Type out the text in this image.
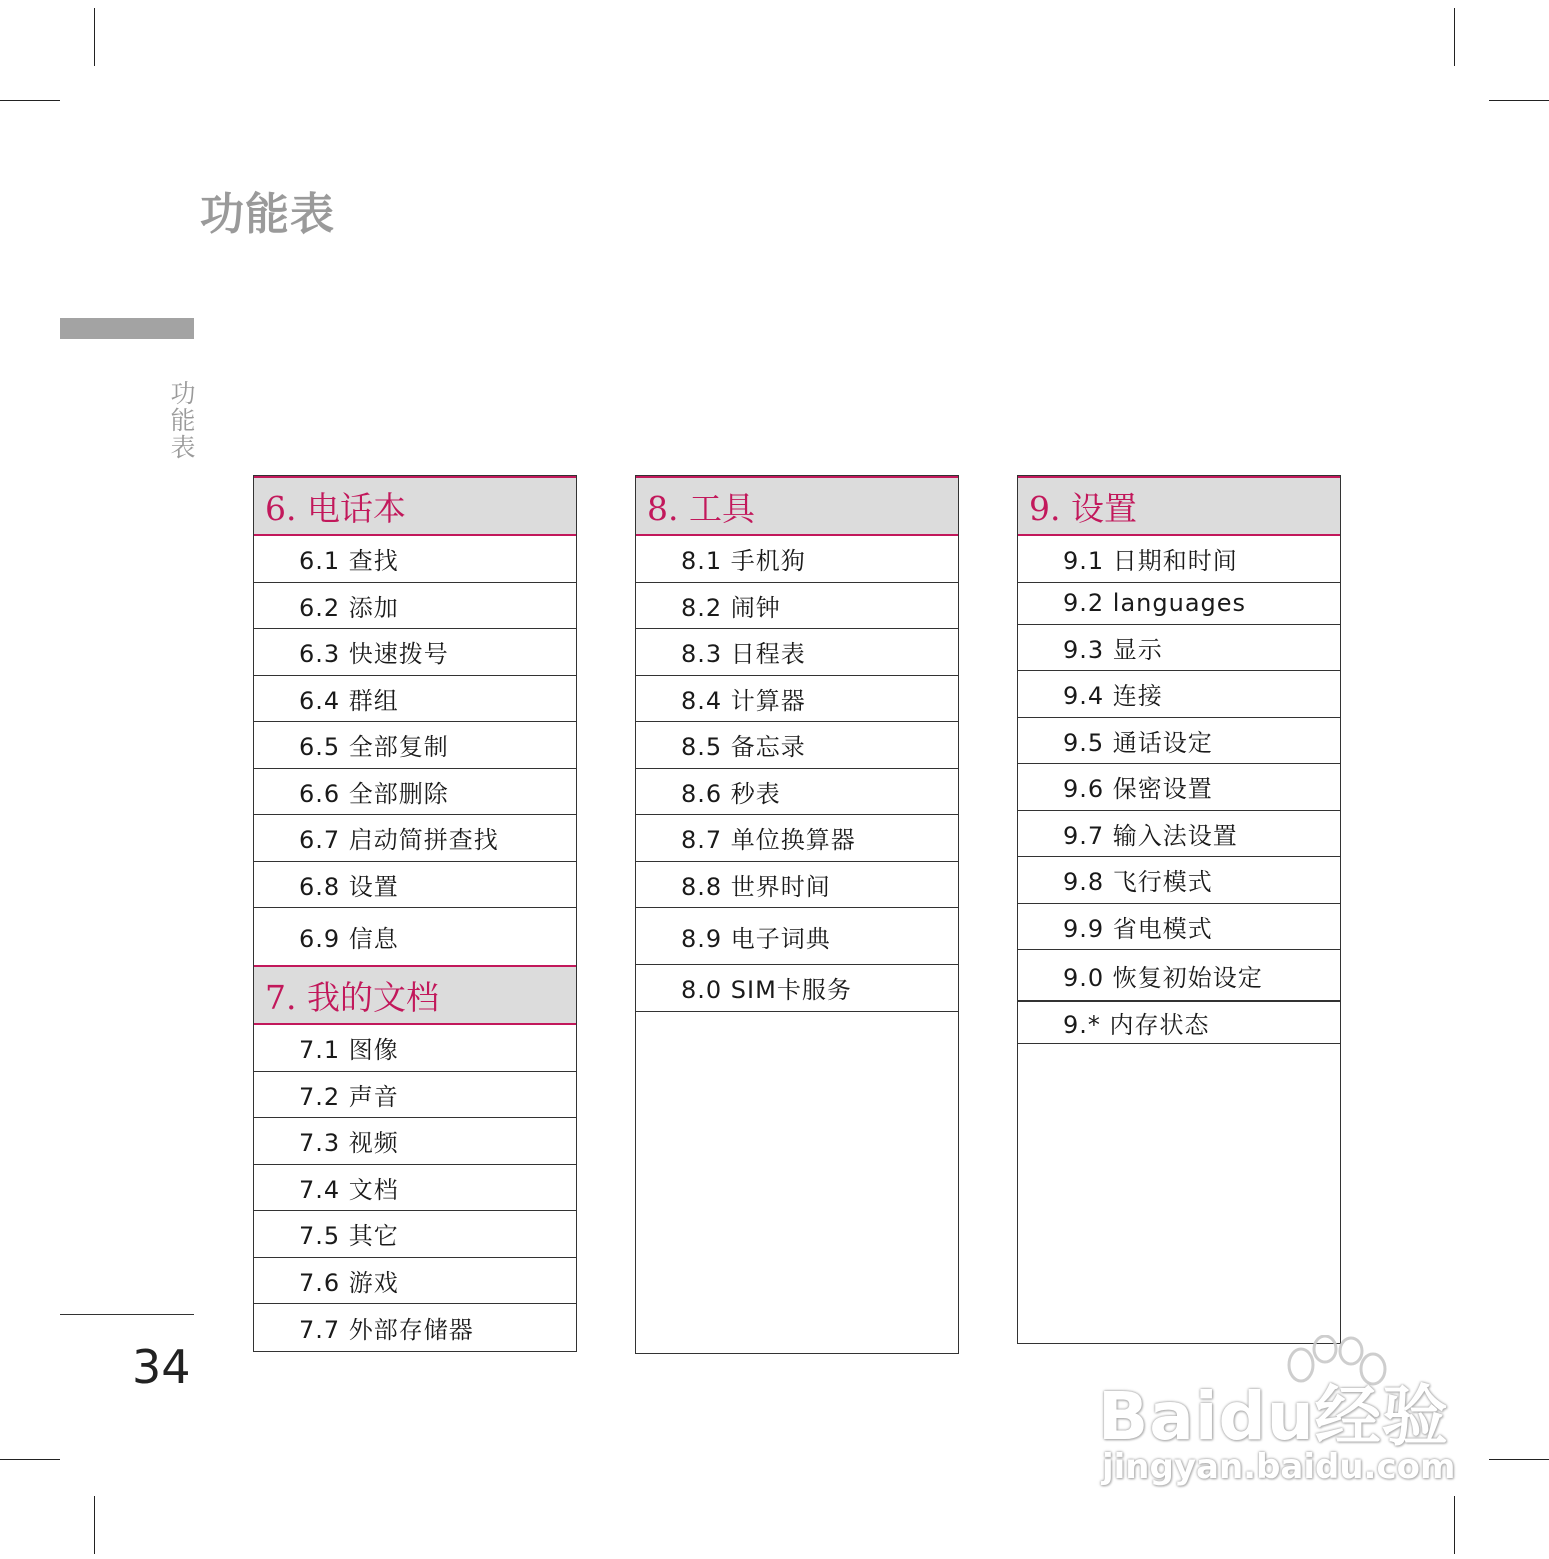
功能表
功能表
6. 电话本
6.1 查找
6.2 添加
6.3 快速拨号
6.4 群组
6.5 全部复制
6.6 全部删除
6.7 启动简拼查找
6.8 设置
6.9 信息
7. 我的文档
7.1 图像
7.2 声音
7.3 视频
7.4 文档
7.5 其它
7.6 游戏
7.7 外部存储器
8. 工具
8.1 手机狗
8.2 闹钟
8.3 日程表
8.4 计算器
8.5 备忘录
8.6 秒表
8.7 单位换算器
8.8 世界时间
8.9 电子词典
8.0 SIM卡服务
9. 设置
9.1 日期和时间
9.2 languages
9.3 显示
9.4 连接
9.5 通话设定
9.6 保密设置
9.7 输入法设置
9.8 飞行模式
9.9 省电模式
9.0 恢复初始设定
9.* 内存状态
34
Baidu经验
jingyan.baidu.com
